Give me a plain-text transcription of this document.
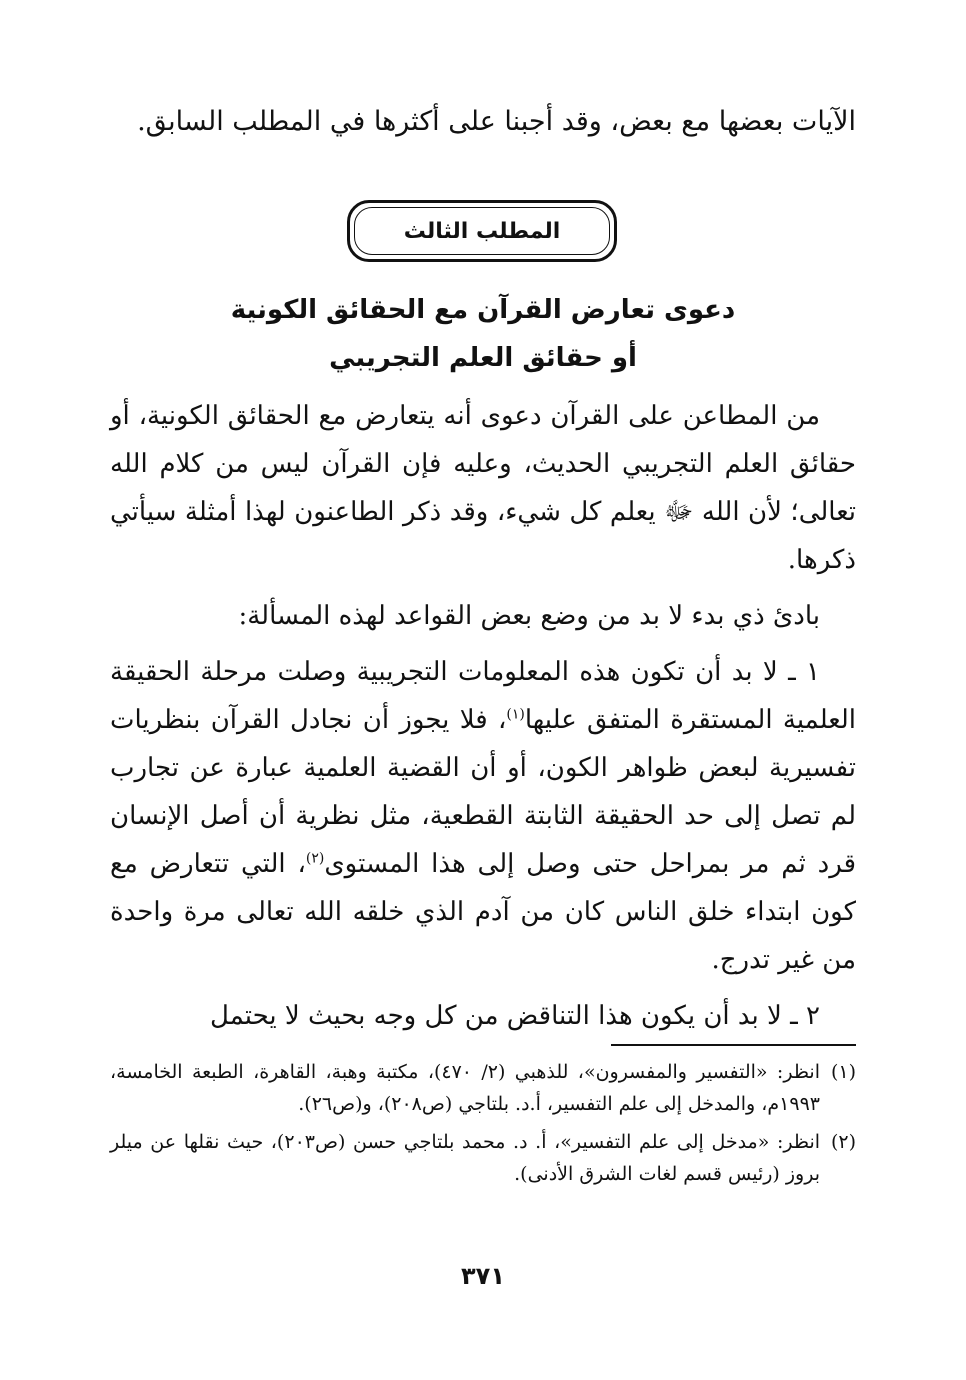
الآيات بعضها مع بعض، وقد أجبنا على أكثرها في المطلب السابق.
المطلب الثالث
دعوى تعارض القرآن مع الحقائق الكونية
أو حقائق العلم التجريبي

من المطاعن على القرآن دعوى أنه يتعارض مع الحقائق الكونية، أو حقائق العلم التجريبي الحديث، وعليه فإن القرآن ليس من كلام الله تعالى؛ لأن الله ﷻ يعلم كل شيء، وقد ذكر الطاعنون لهذا أمثلة سيأتي ذكرها.

بادئ ذي بدء لا بد من وضع بعض القواعد لهذه المسألة:

١ ـ لا بد أن تكون هذه المعلومات التجريبية وصلت مرحلة الحقيقة العلمية المستقرة المتفق عليها$^{(١)}$، فلا يجوز أن نجادل القرآن بنظريات تفسيرية لبعض ظواهر الكون، أو أن القضية العلمية عبارة عن تجارب لم تصل إلى حد الحقيقة الثابتة القطعية، مثل نظرية أن أصل الإنسان قرد ثم مر بمراحل حتى وصل إلى هذا المستوى$^{(٢)}$، التي تتعارض مع كون ابتداء خلق الناس كان من آدم الذي خلقه الله تعالى مرة واحدة من غير تدرج.

٢ ـ لا بد أن يكون هذا التناقض من كل وجه بحيث لا يحتمل

(١)
انظر: «التفسير والمفسرون»، للذهبي (٢/ ٤٧٠)، مكتبة وهبة، القاهرة، الطبعة الخامسة، ١٩٩٣م، والمدخل إلى علم التفسير، أ.د. بلتاجي (ص٢٠٨)، و(ص٢٦).
(٢)
انظر: «مدخل إلى علم التفسير»، أ. د. محمد بلتاجي حسن (ص٢٠٣)، حيث نقلها عن ميلر بروز (رئيس قسم لغات الشرق الأدنى).
٣٧١
